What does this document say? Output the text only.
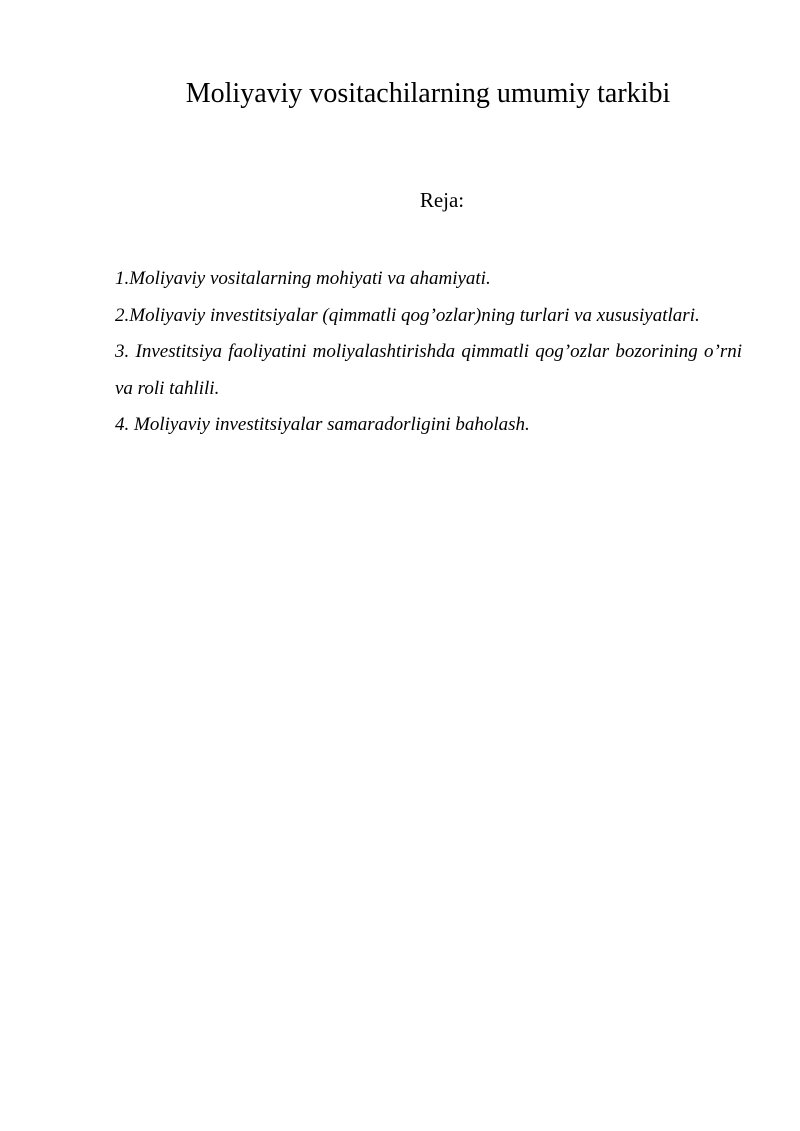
Moliyaviy vositachilarning umumiy tarkibi
Reja:
1.Moliyaviy vositalarning mohiyati va ahamiyati.
2.Moliyaviy investitsiyalar (qimmatli qog’ozlar)ning turlari va xususiyatlari.
3. Investitsiya faoliyatini moliyalashtirishda qimmatli qog’ozlar bozorining o’rni va roli tahlili.
4. Moliyaviy investitsiyalar samaradorligini baholash.
